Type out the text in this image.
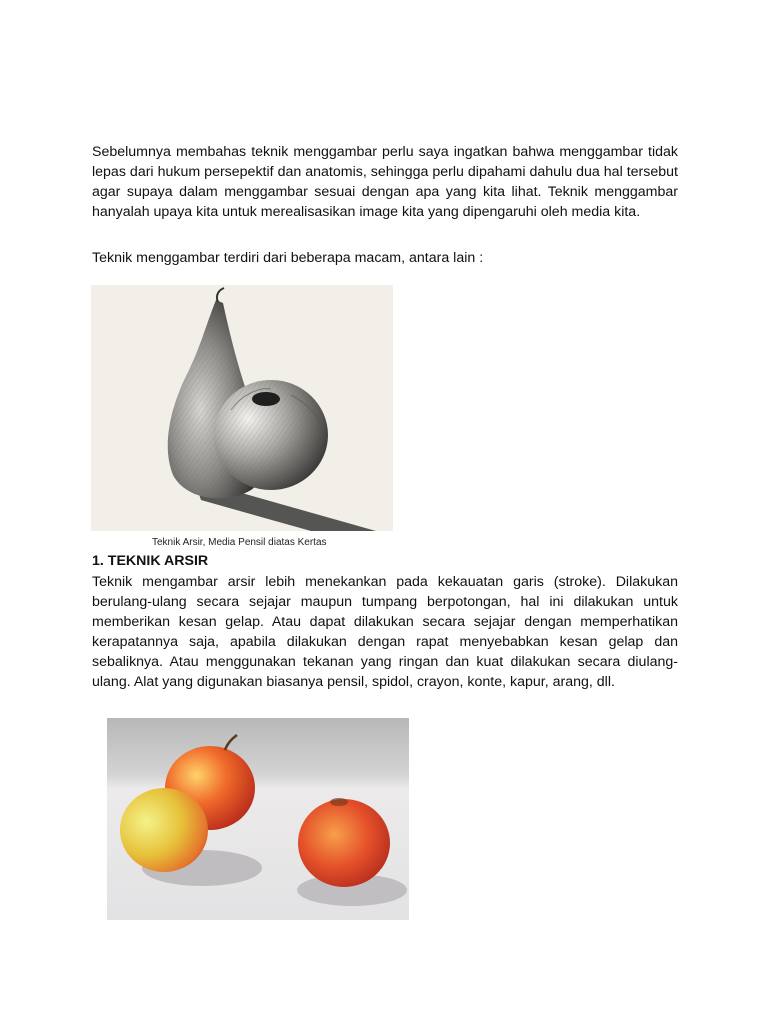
Sebelumnya membahas teknik menggambar perlu saya ingatkan bahwa menggambar tidak lepas dari hukum persepektif dan anatomis, sehingga perlu dipahami dahulu dua hal tersebut agar supaya dalam menggambar sesuai dengan apa yang kita lihat. Teknik menggambar hanyalah upaya kita untuk merealisasikan image kita yang dipengaruhi oleh media kita.

Teknik menggambar terdiri dari beberapa macam, antara lain :

Teknik Arsir, Media Pensil diatas Kertas
1. TEKNIK ARSIR

Teknik mengambar arsir lebih menekankan pada kekauatan garis (stroke). Dilakukan berulang-ulang secara sejajar maupun tumpang berpotongan, hal ini dilakukan untuk memberikan kesan gelap. Atau dapat dilakukan secara sejajar dengan memperhatikan kerapatannya saja, apabila dilakukan dengan rapat menyebabkan kesan gelap dan sebaliknya. Atau menggunakan tekanan yang ringan dan kuat dilakukan secara diulang-ulang. Alat yang digunakan biasanya pensil, spidol, crayon, konte, kapur, arang, dll.
